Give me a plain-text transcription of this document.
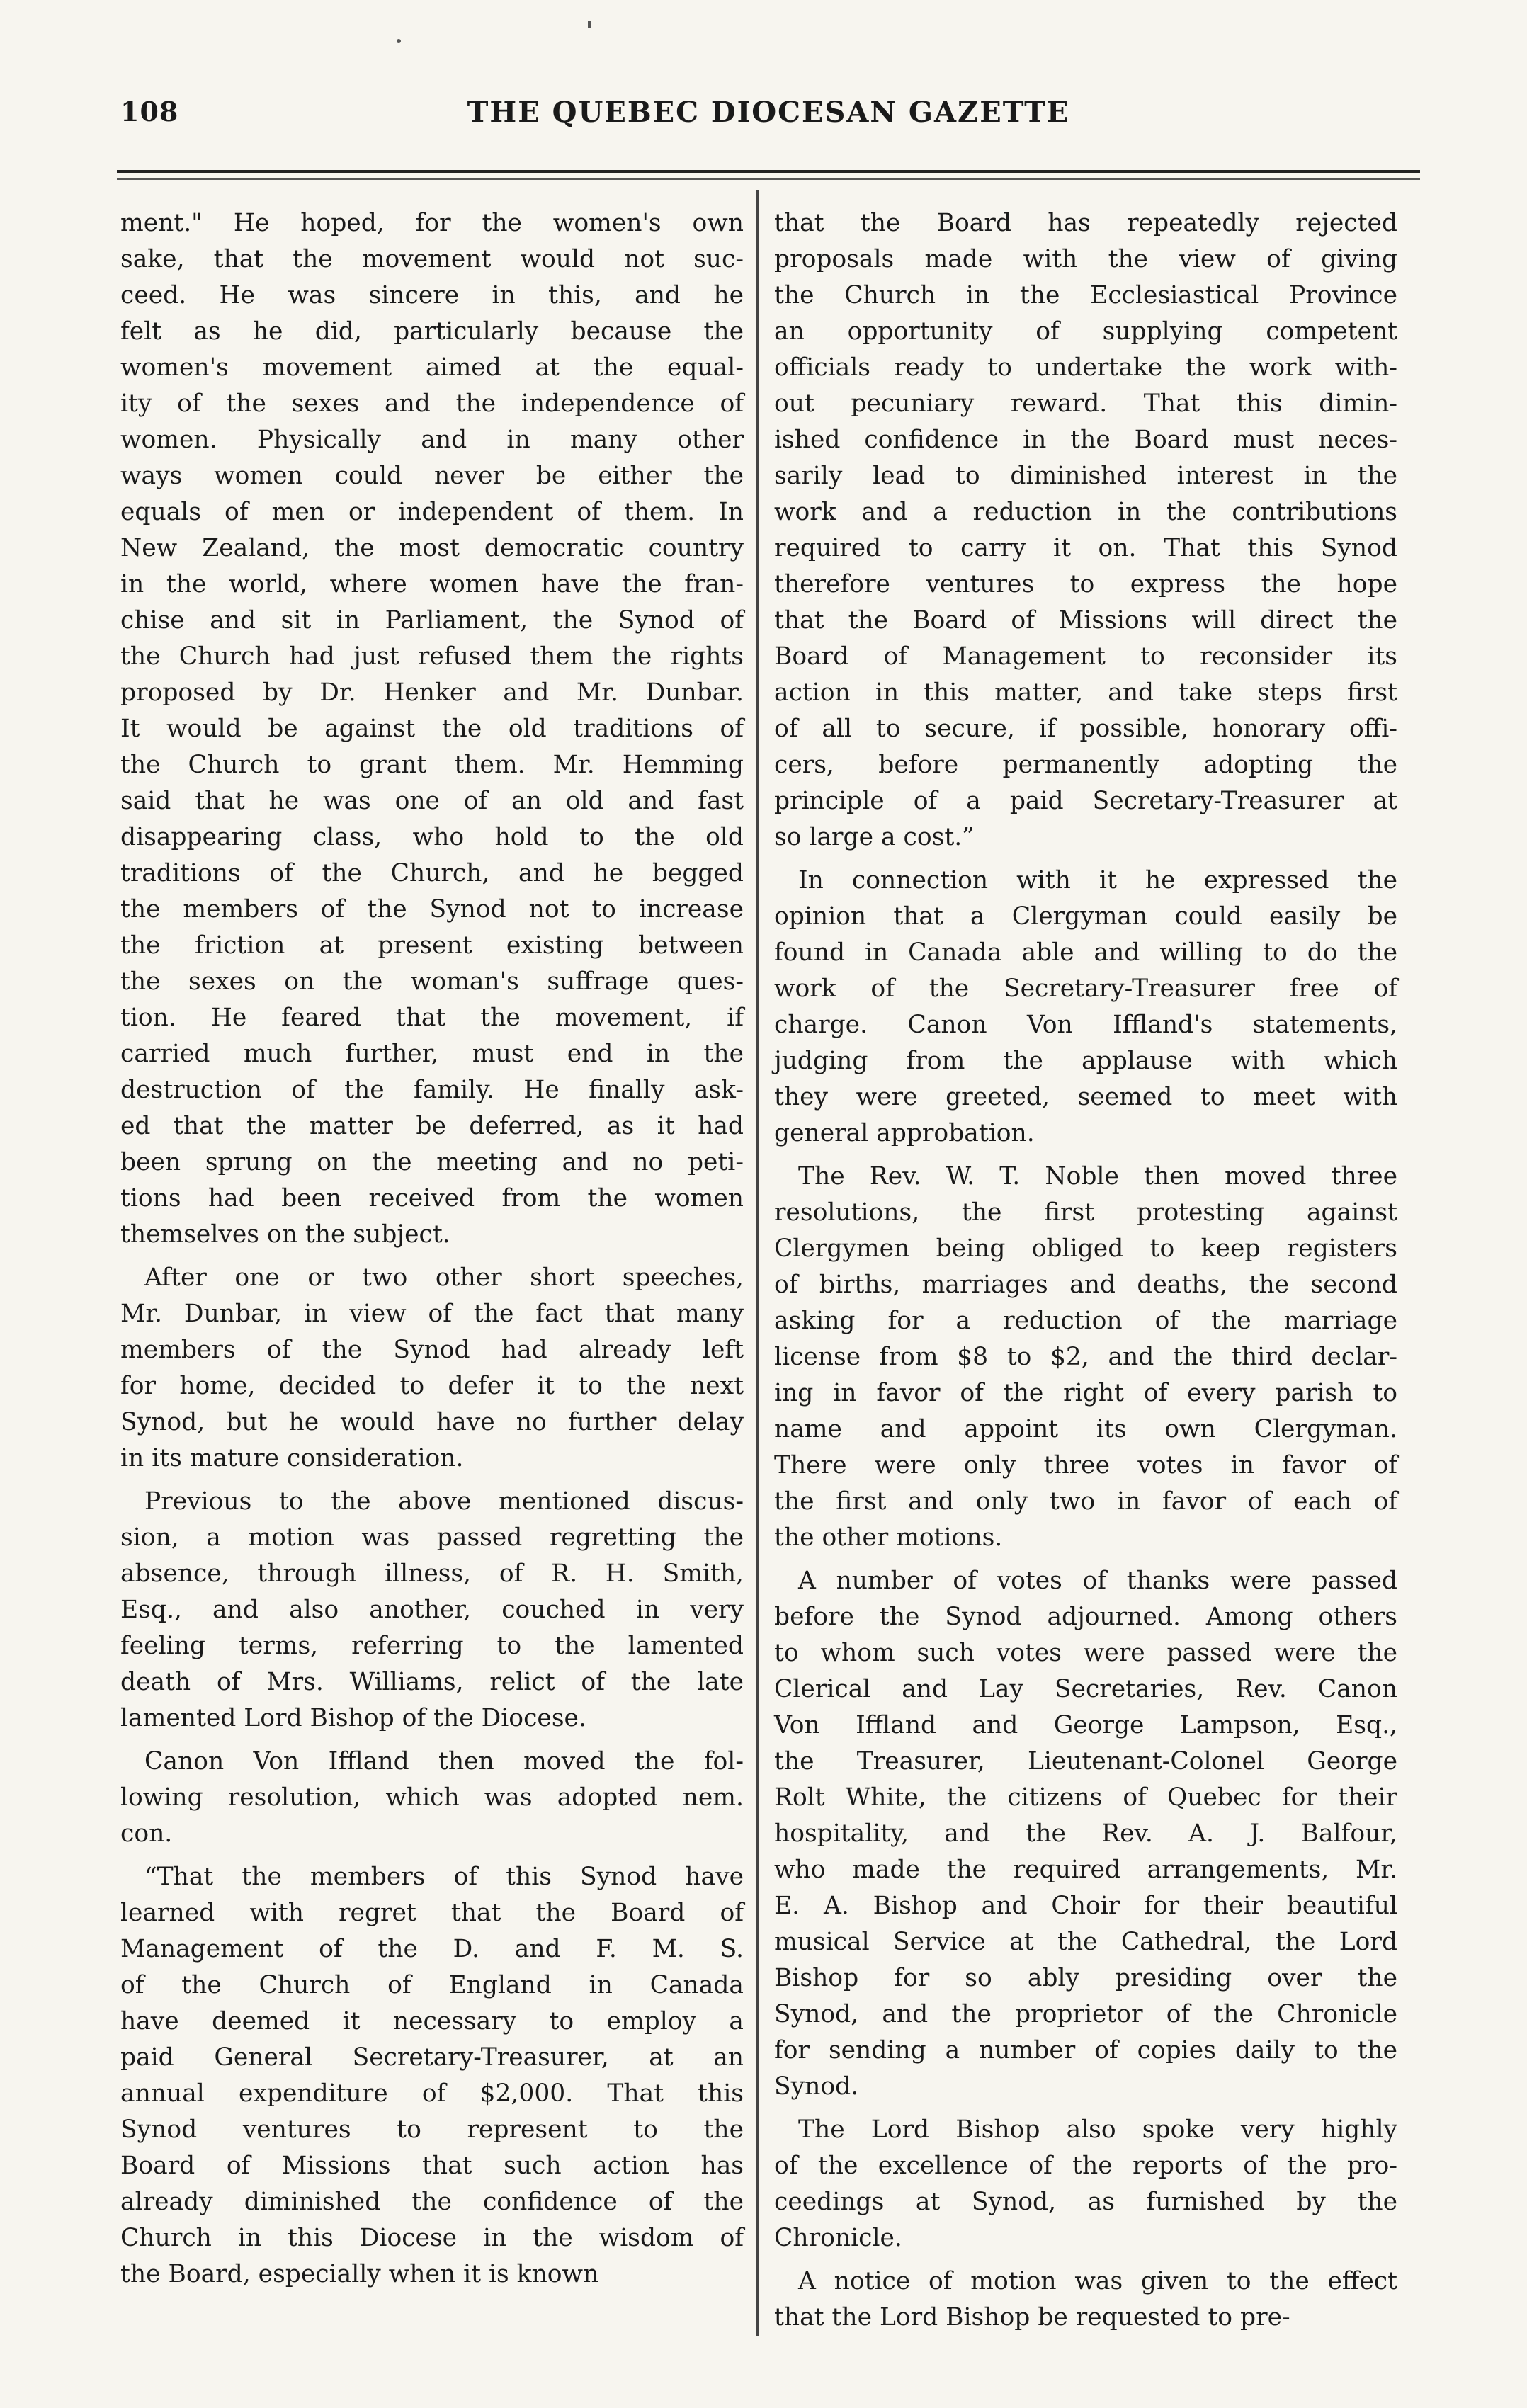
108	THE QUEBEC DIOCESAN GAZETTE
ment." He hoped, for the women's own
sake, that the movement would not suc-
ceed. He was sincere in this, and he
felt as he did, particularly because the
women's movement aimed at the equal-
ity of the sexes and the independence of
women. Physically and in many other
ways women could never be either the
equals of men or independent of them. In
New Zealand, the most democratic country
in the world, where women have the fran-
chise and sit in Parliament, the Synod of
the Church had just refused them the rights
proposed by Dr. Henker and Mr. Dunbar.
It would be against the old traditions of
the Church to grant them. Mr. Hemming
said that he was one of an old and fast
disappearing class, who hold to the old
traditions of the Church, and he begged
the members of the Synod not to increase
the friction at present existing between
the sexes on the woman's suffrage ques-
tion. He feared that the movement, if
carried much further, must end in the
destruction of the family. He finally ask-
ed that the matter be deferred, as it had
been sprung on the meeting and no peti-
tions had been received from the women
themselves on the subject.
After one or two other short speeches,
Mr. Dunbar, in view of the fact that many
members of the Synod had already left
for home, decided to defer it to the next
Synod, but he would have no further delay
in its mature consideration.
Previous to the above mentioned discus-
sion, a motion was passed regretting the
absence, through illness, of R. H. Smith,
Esq., and also another, couched in very
feeling terms, referring to the lamented
death of Mrs. Williams, relict of the late
lamented Lord Bishop of the Diocese.
Canon Von Iffland then moved the fol-
lowing resolution, which was adopted nem.
con.
“That the members of this Synod have
learned with regret that the Board of
Management of the D. and F. M. S.
of the Church of England in Canada
have deemed it necessary to employ a
paid General Secretary-Treasurer, at an
annual expenditure of $2,000. That this
Synod ventures to represent to the
Board of Missions that such action has
already diminished the confidence of the
Church in this Diocese in the wisdom of
the Board, especially when it is known
that the Board has repeatedly rejected
proposals made with the view of giving
the Church in the Ecclesiastical Province
an opportunity of supplying competent
officials ready to undertake the work with-
out pecuniary reward. That this dimin-
ished confidence in the Board must neces-
sarily lead to diminished interest in the
work and a reduction in the contributions
required to carry it on. That this Synod
therefore ventures to express the hope
that the Board of Missions will direct the
Board of Management to reconsider its
action in this matter, and take steps first
of all to secure, if possible, honorary offi-
cers, before permanently adopting the
principle of a paid Secretary-Treasurer at
so large a cost.”
In connection with it he expressed the
opinion that a Clergyman could easily be
found in Canada able and willing to do the
work of the Secretary-Treasurer free of
charge. Canon Von Iffland's statements,
judging from the applause with which
they were greeted, seemed to meet with
general approbation.
The Rev. W. T. Noble then moved three
resolutions, the first protesting against
Clergymen being obliged to keep registers
of births, marriages and deaths, the second
asking for a reduction of the marriage
license from $8 to $2, and the third declar-
ing in favor of the right of every parish to
name and appoint its own Clergyman.
There were only three votes in favor of
the first and only two in favor of each of
the other motions.
A number of votes of thanks were passed
before the Synod adjourned. Among others
to whom such votes were passed were the
Clerical and Lay Secretaries, Rev. Canon
Von Iffland and George Lampson, Esq.,
the Treasurer, Lieutenant-Colonel George
Rolt White, the citizens of Quebec for their
hospitality, and the Rev. A. J. Balfour,
who made the required arrangements, Mr.
E. A. Bishop and Choir for their beautiful
musical Service at the Cathedral, the Lord
Bishop for so ably presiding over the
Synod, and the proprietor of the Chronicle
for sending a number of copies daily to the
Synod.
The Lord Bishop also spoke very highly
of the excellence of the reports of the pro-
ceedings at Synod, as furnished by the
Chronicle.
A notice of motion was given to the effect
that the Lord Bishop be requested to pre-
